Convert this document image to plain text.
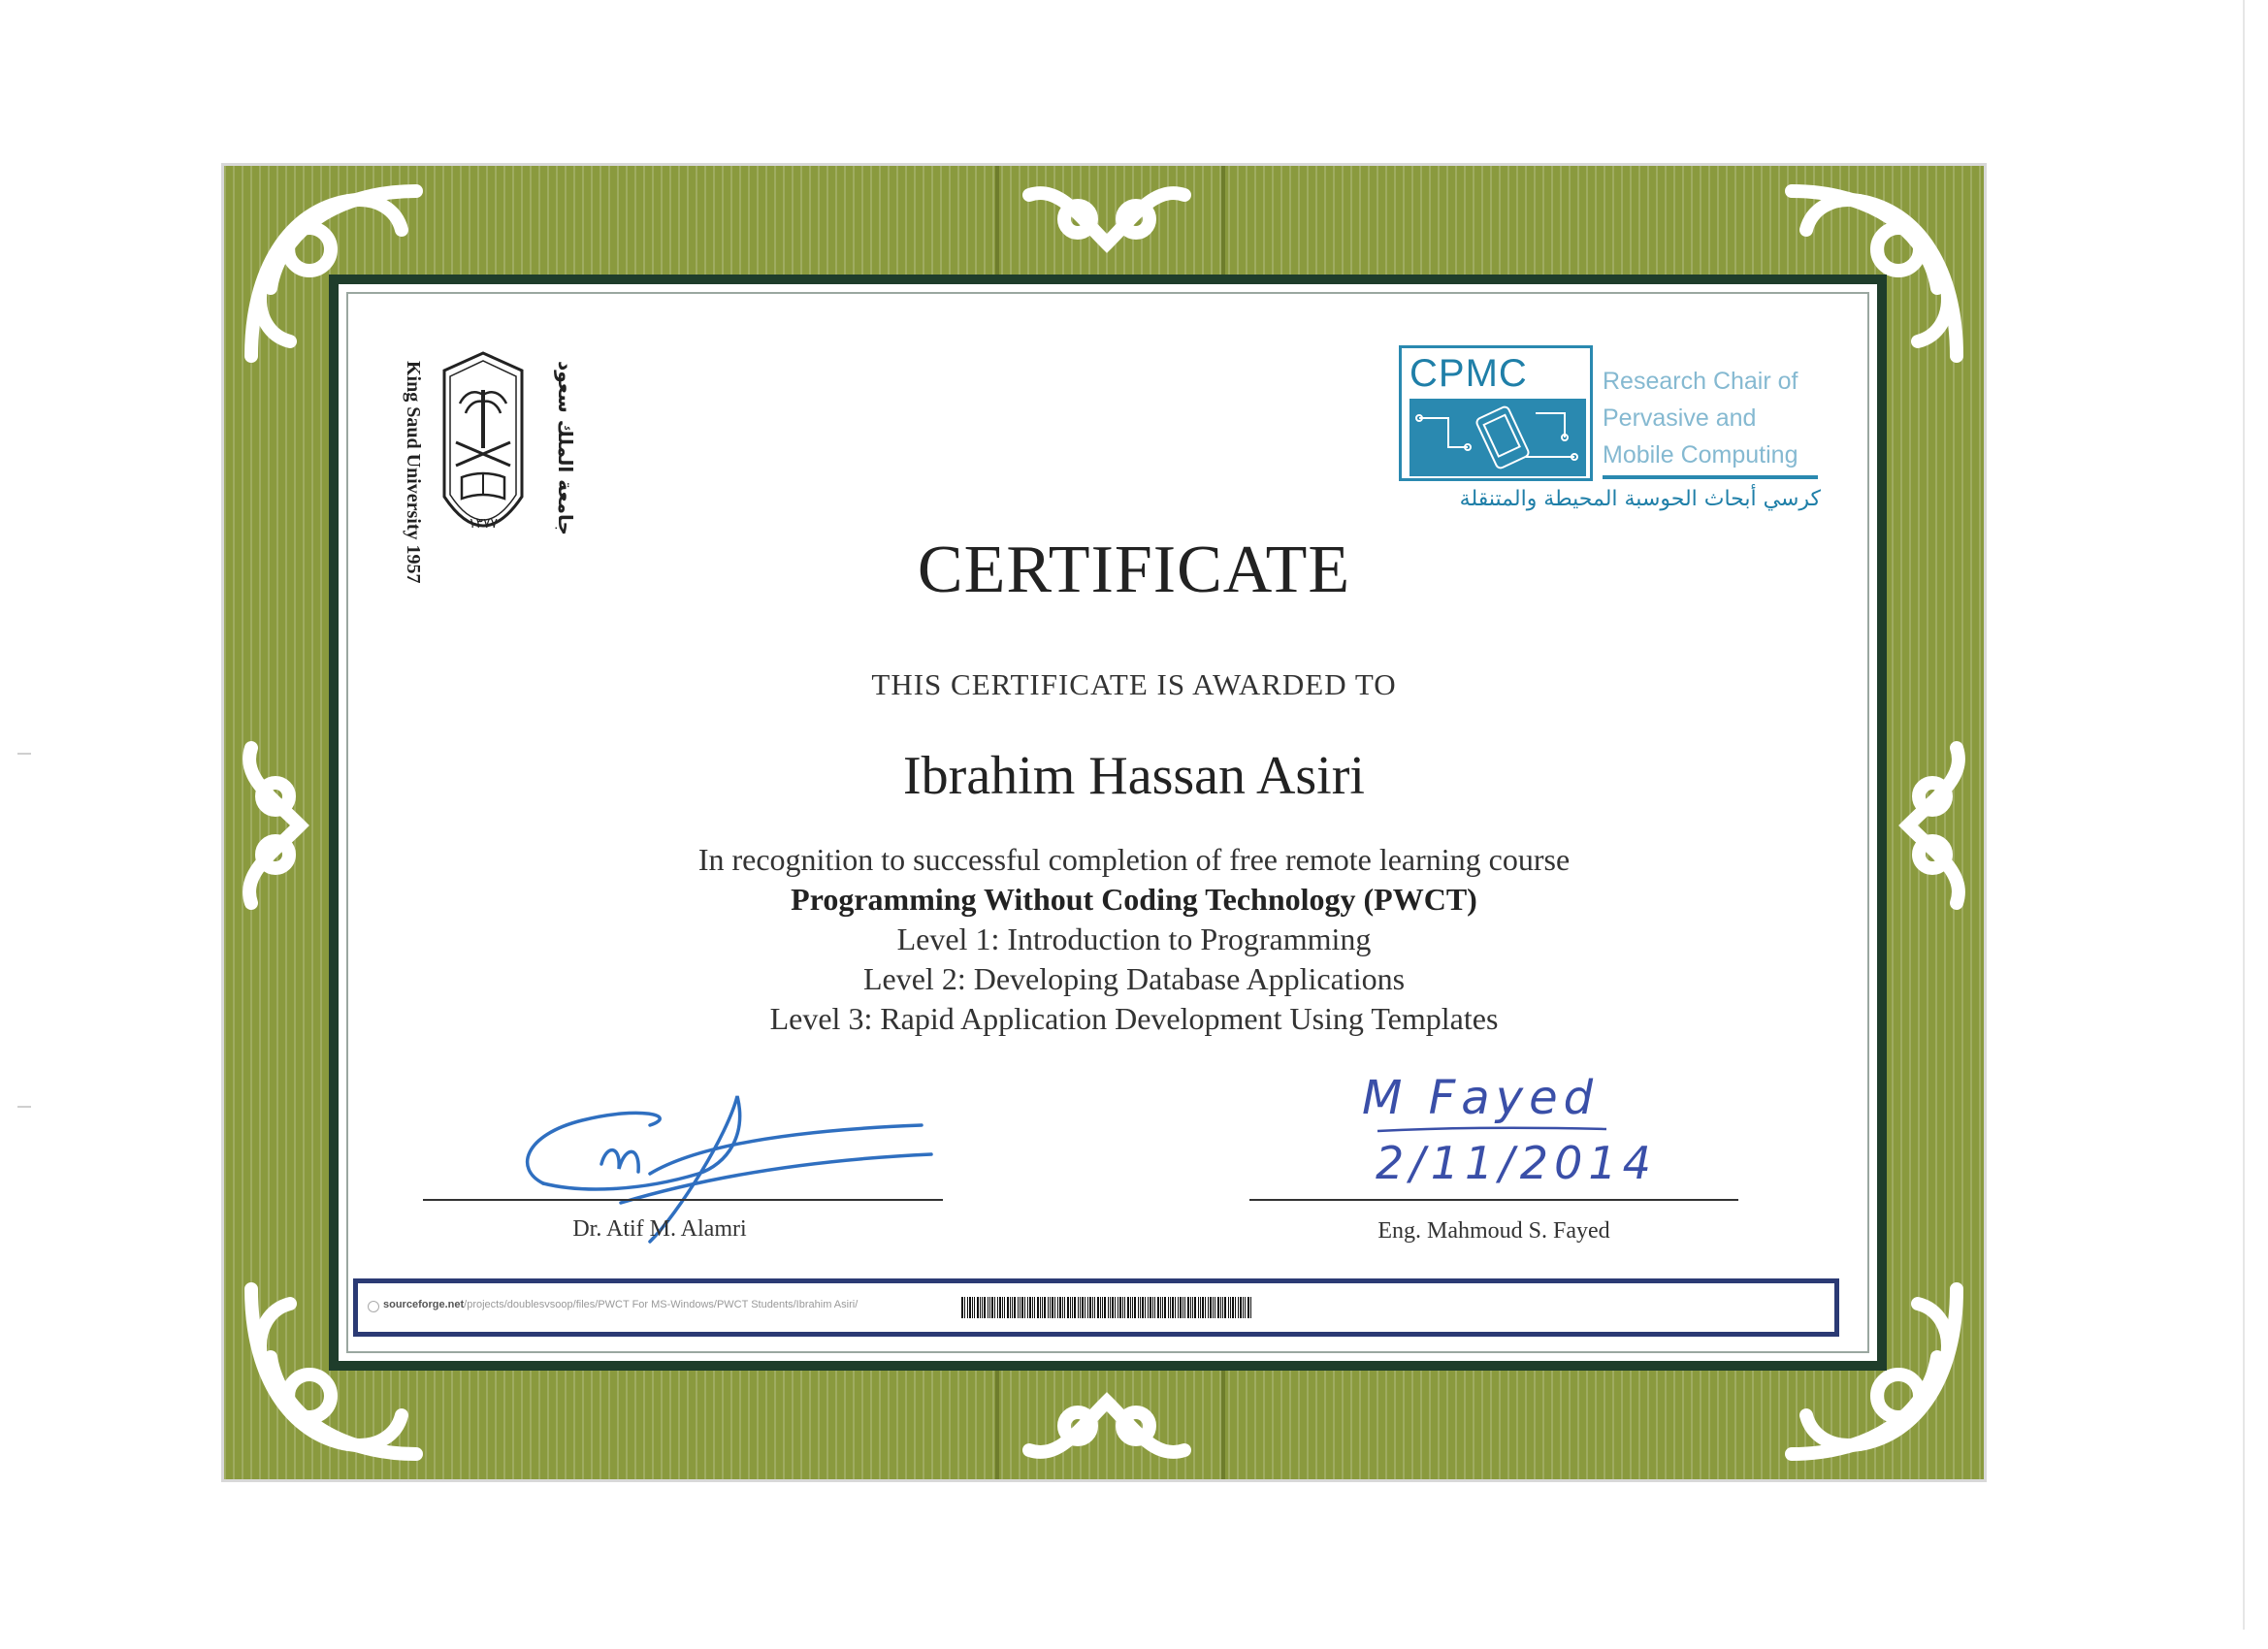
١٣٧٧
King Saud University 1957	جامعة الملك سعود	CPMC	Research Chair of
Pervasive and
Mobile Computing
كرسي أبحاث الحوسبة المحيطة والمتنقلة
CERTIFICATE
THIS CERTIFICATE IS AWARDED TO
Ibrahim Hassan Asiri
In recognition to successful completion of free remote learning course
Programming Without Coding Technology (PWCT)
Level 1: Introduction to Programming
Level 2: Developing Database Applications
Level 3: Rapid Application Development Using Templates
Dr. Atif M. Alamri
M Fayed
2/11/2014
Eng. Mahmoud S. Fayed
sourceforge.net/projects/doublesvsoop/files/PWCT For MS-Windows/PWCT Students/Ibrahim Asiri/
